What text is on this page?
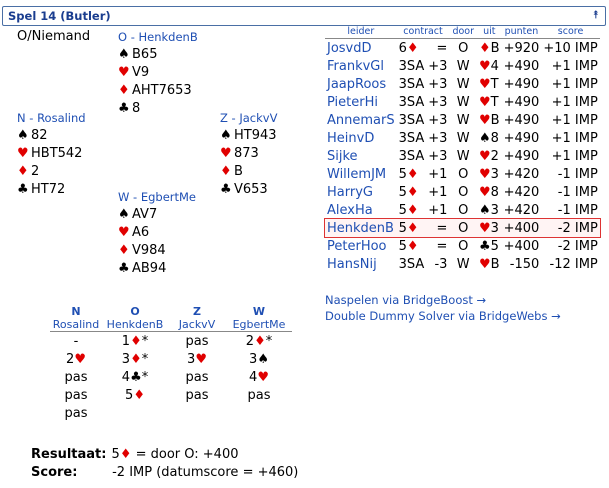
Spel 14 (Butler)	⯭
O/Niemand O - HenkdenB
♠ B65
♥ V9
♦ AHT7653
♣ 8
N - Rosalind
♠ 82
♥ HBT542
♦ 2
♣ HT72
Z - JackvV
♠ HT943
♥ 873
♦ B
♣ V653
W - EgbertMe
♠ AV7
♥ A6
♦ V984
♣ AB94
leider	contract		door	uit		punten	score
JosvdD	6♦	=	O	♦	B	+920	+10 IMP
FrankvGl	3SA	+3	W	♥	4	+490	+1 IMP
JaapRoos	3SA	+3	W	♥	T	+490	+1 IMP
PieterHi	3SA	+3	W	♥	T	+490	+1 IMP
AnnemarS	3SA	+3	W	♥	B	+490	+1 IMP
HeinvD	3SA	+3	W	♠	8	+490	+1 IMP
Sijke	3SA	+3	W	♥	2	+490	+1 IMP
WillemJM	5♦	+1	O	♥	3	+420	-1 IMP
HarryG	5♦	+1	O	♥	8	+420	-1 IMP
AlexHa	5♦	+1	O	♠	3	+420	-1 IMP
HenkdenB	5♦	=	O	♥	3	+400	-2 IMP
PeterHoo	5♦	=	O	♣	5	+400	-2 IMP
HansNij	3SA	-3	W	♥	B	-150	-12 IMP
Naspelen via BridgeBoost →
Double Dummy Solver via BridgeWebs →
N	O	Z	W
Rosalind	HenkdenB	JackvV	EgbertMe
-	1♦*	pas	2♦*
2♥	3♦*	3♥	3♠
pas	4♣*	pas	4♥
pas	5♦	pas	pas
pas			
Resultaat: 5♦ = door O: +400
Score:	-2 IMP (datumscore = +460)
